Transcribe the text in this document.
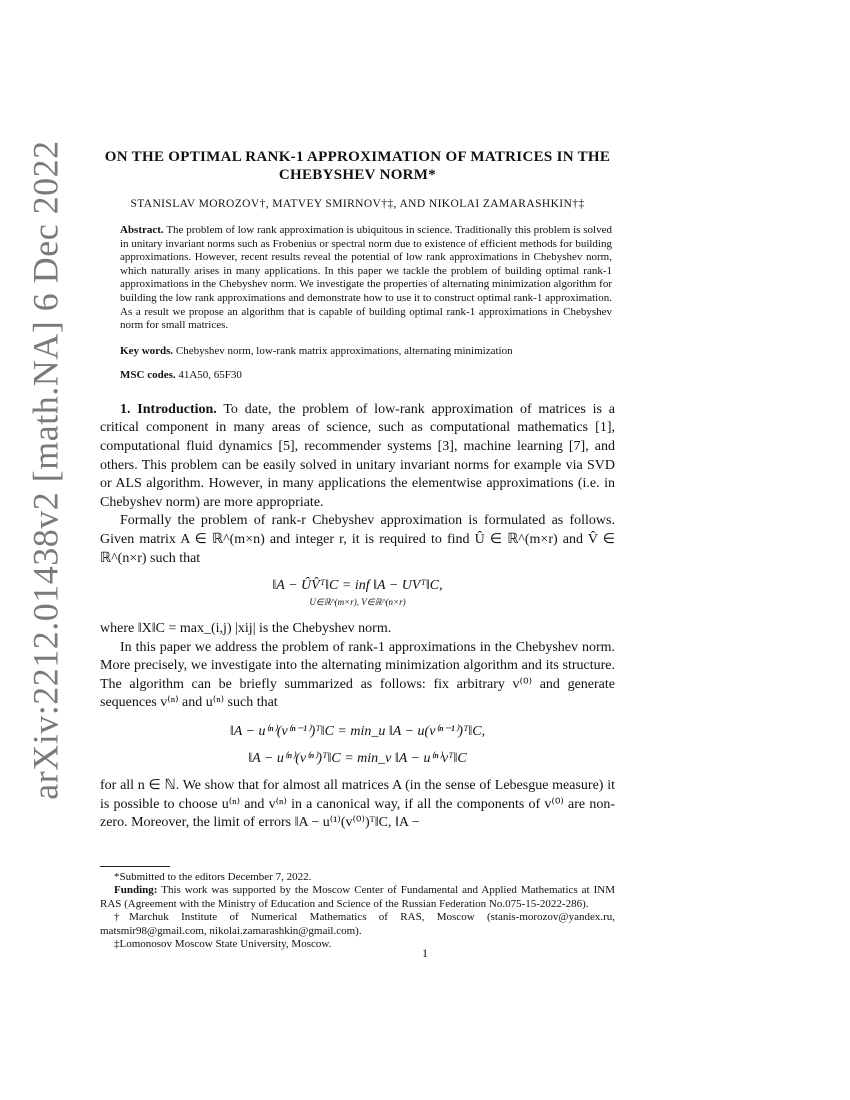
arXiv:2212.01438v2 [math.NA] 6 Dec 2022	ON THE OPTIMAL RANK-1 APPROXIMATION OF MATRICES IN THE CHEBYSHEV NORM*
STANISLAV MOROZOV†, MATVEY SMIRNOV†‡, AND NIKOLAI ZAMARASHKIN†‡
Abstract. The problem of low rank approximation is ubiquitous in science. Traditionally this problem is solved in unitary invariant norms such as Frobenius or spectral norm due to existence of efficient methods for building approximations. However, recent results reveal the potential of low rank approximations in Chebyshev norm, which naturally arises in many applications. In this paper we tackle the problem of building optimal rank-1 approximations in the Chebyshev norm. We investigate the properties of alternating minimization algorithm for building the low rank approximations and demonstrate how to use it to construct optimal rank-1 approximation. As a result we propose an algorithm that is capable of building optimal rank-1 approximations in Chebyshev norm for small matrices.
Key words. Chebyshev norm, low-rank matrix approximations, alternating minimization
MSC codes. 41A50, 65F30

1. Introduction. To date, the problem of low-rank approximation of matrices is a critical component in many areas of science, such as computational mathematics [1], computational fluid dynamics [5], recommender systems [3], machine learning [7], and others. This problem can be easily solved in unitary invariant norms for example via SVD or ALS algorithm. However, in many applications the elementwise approximations (i.e. in Chebyshev norm) are more appropriate.

Formally the problem of rank-r Chebyshev approximation is formulated as follows. Given matrix A ∈ ℝ^(m×n) and integer r, it is required to find Û ∈ ℝ^(m×r) and V̂ ∈ ℝ^(n×r) such that

‖A − ÛV̂ᵀ‖C = inf ‖A − UVᵀ‖C,
U∈ℝ^(m×r), V∈ℝ^(n×r)

where ‖X‖C = max_(i,j) |xij| is the Chebyshev norm.

In this paper we address the problem of rank-1 approximations in the Chebyshev norm. More precisely, we investigate into the alternating minimization algorithm and its structure. The algorithm can be briefly summarized as follows: fix arbitrary v⁽⁰⁾ and generate sequences v⁽ⁿ⁾ and u⁽ⁿ⁾ such that

‖A − u⁽ⁿ⁾(v⁽ⁿ⁻¹⁾)ᵀ‖C = min_u ‖A − u(v⁽ⁿ⁻¹⁾)ᵀ‖C,
‖A − u⁽ⁿ⁾(v⁽ⁿ⁾)ᵀ‖C = min_v ‖A − u⁽ⁿ⁾vᵀ‖C

for all n ∈ ℕ. We show that for almost all matrices A (in the sense of Lebesgue measure) it is possible to choose u⁽ⁿ⁾ and v⁽ⁿ⁾ in a canonical way, if all the components of v⁽⁰⁾ are non-zero. Moreover, the limit of errors ‖A − u⁽¹⁾(v⁽⁰⁾)ᵀ‖C, ‖A −

*Submitted to the editors December 7, 2022.

Funding: This work was supported by the Moscow Center of Fundamental and Applied Mathematics at INM RAS (Agreement with the Ministry of Education and Science of the Russian Federation No.075-15-2022-286).

†Marchuk Institute of Numerical Mathematics of RAS, Moscow (stanis-morozov@yandex.ru, matsmir98@gmail.com, nikolai.zamarashkin@gmail.com).

‡Lomonosov Moscow State University, Moscow.

1
